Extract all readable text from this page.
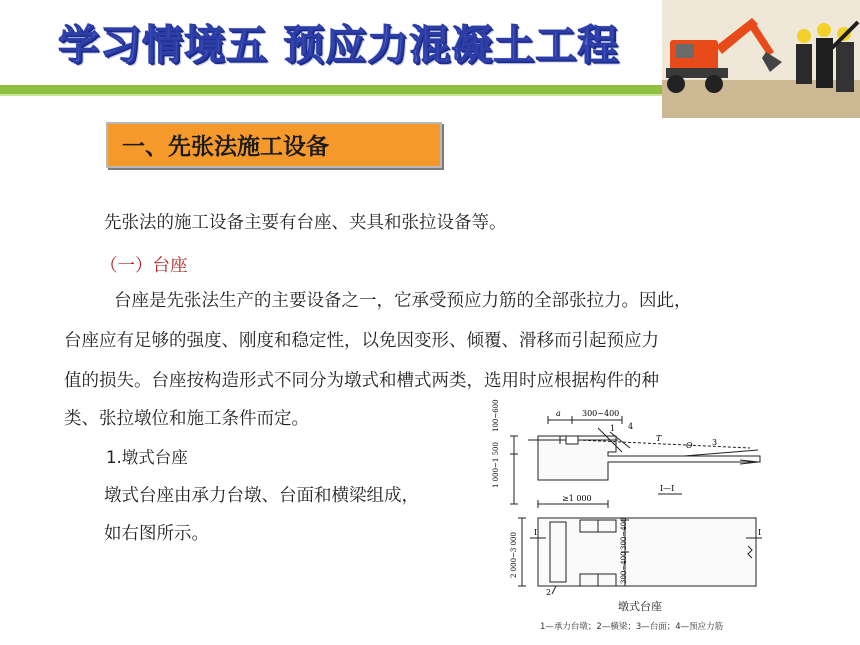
学习情境五 预应力混凝土工程
一、先张法施工设备
先张法的施工设备主要有台座、夹具和张拉设备等。
（一）台座
台座是先张法生产的主要设备之一，它承受预应力筋的全部张拉力。因此，
台座应有足够的强度、刚度和稳定性，以免因变形、倾覆、滑移而引起预应力
值的损失。台座按构造形式不同分为墩式和槽式两类，选用时应根据构件的种
类、张拉墩位和施工条件而定。
1.墩式台座
墩式台座由承力台墩、台面和横梁组成，
如右图所示。
300~400
a
4
1
T
O 3
100~600
1 000~1 500
I—I
≥1 000
I	I
2 000~3 000	300~400
300~400
2
墩式台座
1—承力台墩；2—横梁；3—台面；4—预应力筋
